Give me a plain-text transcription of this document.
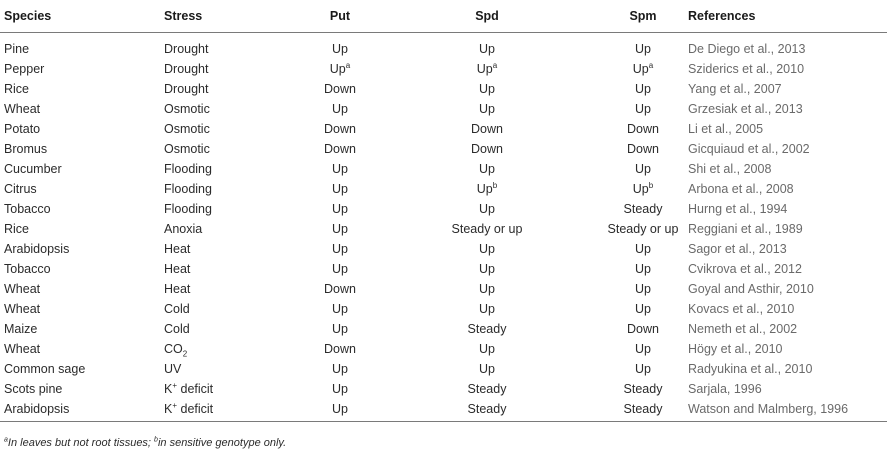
Species	Stress	Put	Spd	Spm	References
Pine	Drought	Up	Up	Up	De Diego et al., 2013
Pepper	Drought	Up$^a$	Up$^a$	Up$^a$	Sziderics et al., 2010
Rice	Drought	Down	Up	Up	Yang et al., 2007
Wheat	Osmotic	Up	Up	Up	Grzesiak et al., 2013
Potato	Osmotic	Down	Down	Down	Li et al., 2005
Bromus	Osmotic	Down	Down	Down	Gicquiaud et al., 2002
Cucumber	Flooding	Up	Up	Up	Shi et al., 2008
Citrus	Flooding	Up	Up$^b$	Up$^b$	Arbona et al., 2008
Tobacco	Flooding	Up	Up	Steady	Hurng et al., 1994
Rice	Anoxia	Up	Steady or up	Steady or up	Reggiani et al., 1989
Arabidopsis	Heat	Up	Up	Up	Sagor et al., 2013
Tobacco	Heat	Up	Up	Up	Cvikrova et al., 2012
Wheat	Heat	Down	Up	Up	Goyal and Asthir, 2010
Wheat	Cold	Up	Up	Up	Kovacs et al., 2010
Maize	Cold	Up	Steady	Down	Nemeth et al., 2002
Wheat	$CO_2$	Down	Up	Up	Högy et al., 2010
Common sage	UV	Up	Up	Up	Radyukina et al., 2010
Scots pine	K+ deficit	Up	Steady	Steady	Sarjala, 1996
Arabidopsis	K+ deficit	Up	Steady	Steady	Watson and Malmberg, 1996
$^a$In leaves but not root tissues; $^b$in sensitive genotype only.
